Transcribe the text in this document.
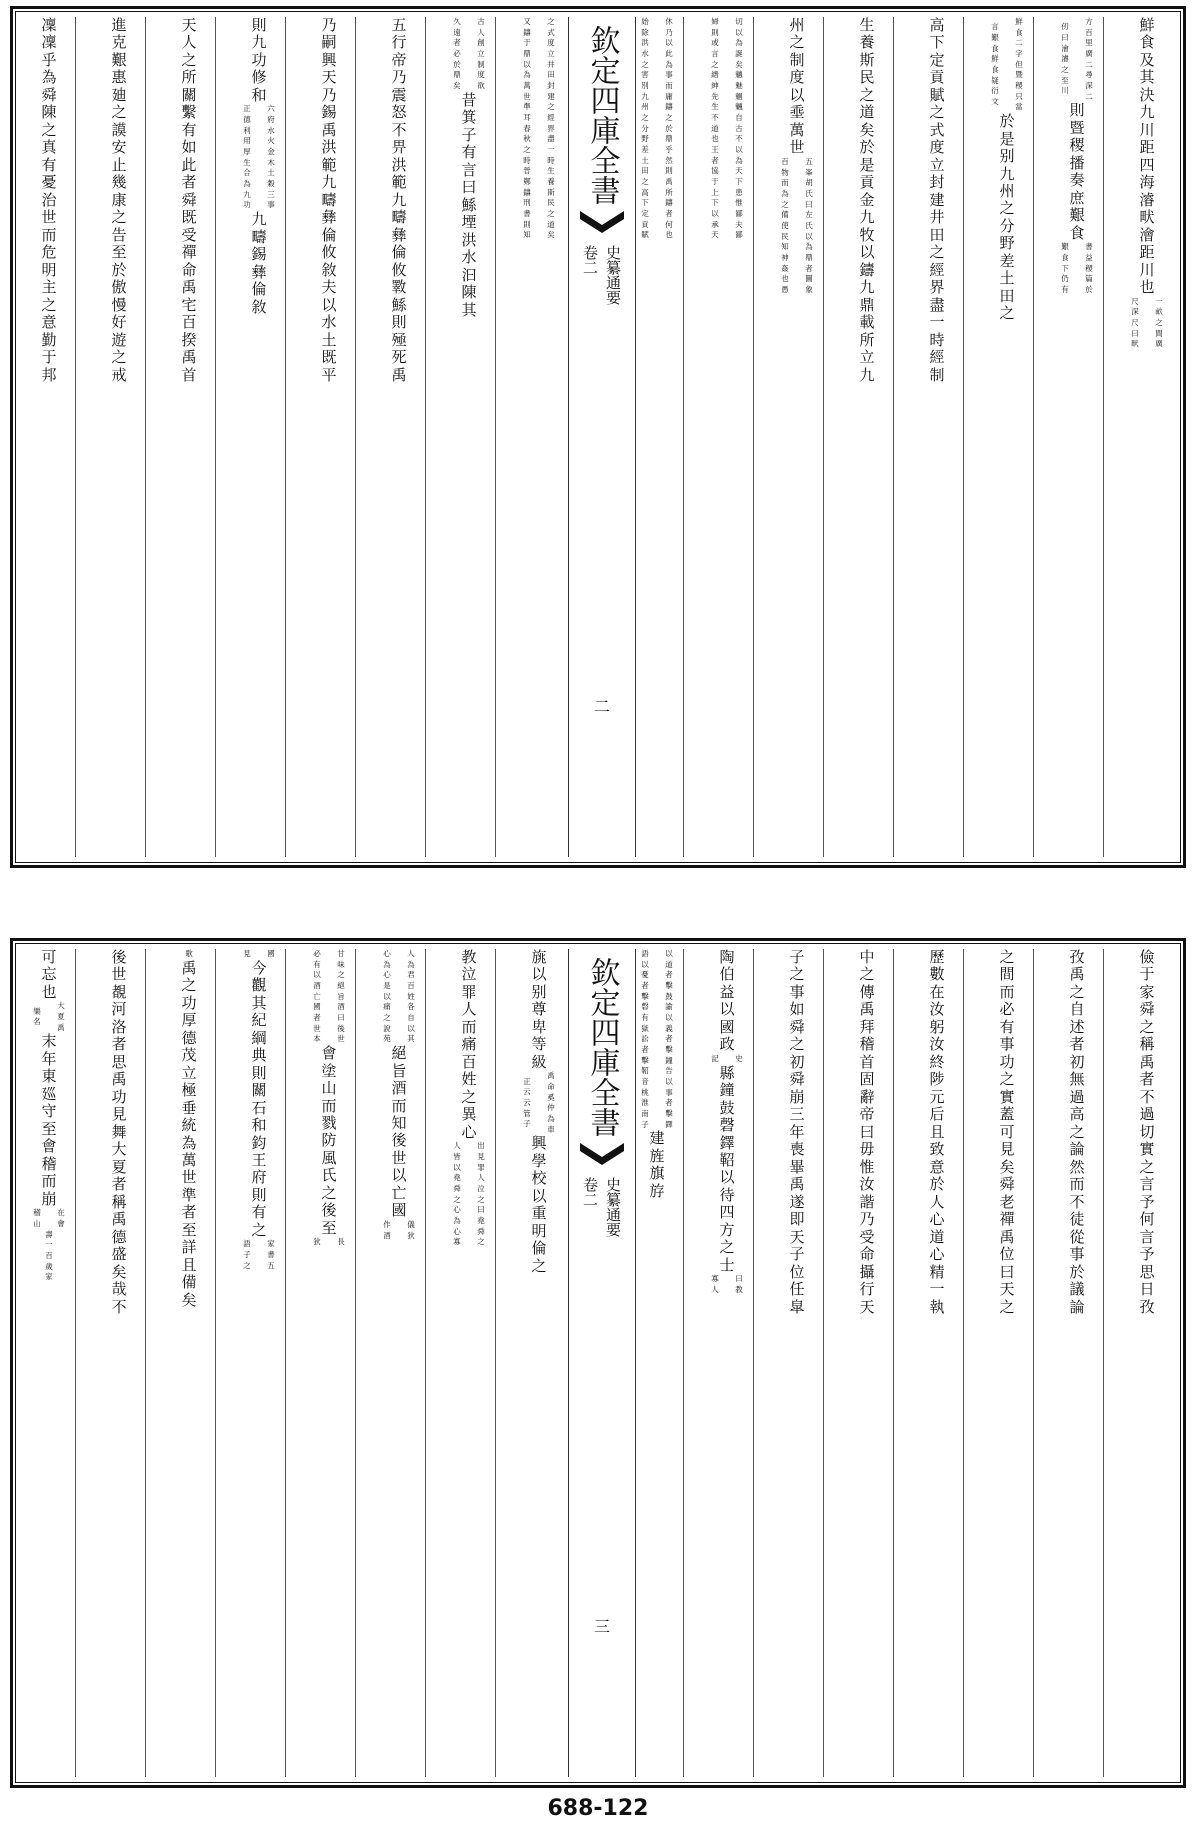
鮮
食
及
其
決
九
川
距
四
海
濬
畎
澮
距
川
也
一
畝
之
間
廣
尺
深
尺
曰
畎
方
百
里
廣
二
尋
深
二
仞
曰
澮
濬
之
至
川
則
暨
稷
播
奏
庶
艱
食
書
益
稷
篇
於
艱
食
下
仍
有
鮮
食
二
字
但
暨
稷
只
當
言
艱
食
鮮
食
疑
衍
文
於
是
别
九
州
之
分
野
差
土
田
之
高
下
定
貢
賦
之
式
度
立
封
建
井
田
之
經
界
盡
一
時
經
制
生
養
斯
民
之
道
矣
於
是
貢
金
九
牧
以
鑄
九
鼎
載
所
立
九
州
之
制
度
以
埀
萬
世
五
峯
胡
氏
曰
左
氏
以
為
鼎
者
圖
象
百
物
而
為
之
備
使
民
知
神
姦
也
愚
切
以
為
誕
矣
魑
魅
魍
魎
自
古
不
以
為
天
下
患
惟
鄙
夫
鄙
婦
則
或
言
之
縉
紳
先
生
不
道
也
王
者
協
于
上
下
以
承
天
休
乃
以
此
為
事
而
庸
鑄
之
於
鼎
乎
然
則
禹
所
鑄
者
何
也
始
除
洪
水
之
害
別
九
州
之
分
野
差
土
田
之
高
下
定
貢
賦
欽定四庫全書
史纂通要
卷二
二
之
式
度
立
井
田
封
建
之
經
界
盡
一
時
生
養
斯
民
之
道
矣
又
鑄
于
鼎
以
為
萬
世
準
耳
春
秋
之
時
晉
鄭
鑄
刑
書
則
知
古
人
創
立
制
度
欲
久
遠
者
必
於
鼎
矣
昔
箕
子
有
言
曰
鯀
堙
洪
水
汩
陳
其
五
行
帝
乃
震
怒
不
畀
洪
範
九
疇
彝
倫
攸
斁
鯀
則
殛
死
禹
乃
嗣
興
天
乃
錫
禹
洪
範
九
疇
彝
倫
攸
敘
夫
以
水
土
既
平
則
九
功
修
和
六
府
水
火
金
木
土
穀
三
事
正
德
利
用
厚
生
合
為
九
功
九
疇
錫
彝
倫
敘
天
人
之
所
關
繫
有
如
此
者
舜
既
受
禪
命
禹
宅
百
揆
禹
首
進
克
艱
惠
廸
之
謨
安
止
幾
康
之
告
至
於
傲
慢
好
遊
之
戒
凜
凜
乎
為
舜
陳
之
真
有
憂
治
世
而
危
明
主
之
意
勤
于
邦
儉
于
家
舜
之
稱
禹
者
不
過
切
實
之
言
予
何
言
予
思
日
孜
孜
禹
之
自
述
者
初
無
過
高
之
論
然
而
不
徒
從
事
於
議
論
之
間
而
必
有
事
功
之
實
蓋
可
見
矣
舜
老
禪
禹
位
曰
天
之
歷
數
在
汝
躬
汝
終
陟
元
后
且
致
意
於
人
心
道
心
精
一
執
中
之
傳
禹
拜
稽
首
固
辭
帝
曰
毋
惟
汝
諧
乃
受
命
攝
行
天
子
之
事
如
舜
之
初
舜
崩
三
年
喪
畢
禹
遂
即
天
子
位
任
皐
陶
伯
益
以
國
政
史
記
縣
鐘
鼓
磬
鐸
鞀
以
待
四
方
之
士
曰
教
寡
人
以
道
者
擊
鼓
諭
以
義
者
擊
鐘
告
以
事
者
擊
鐸
語
以
憂
者
擊
磬
有
獄
訟
者
擊
鞀
音
桃
淮
南
子
建
旌
旗
斿
欽定四庫全書
史纂通要
卷二
三
旐
以
别
尊
卑
等
級
禹
命
奚
仲
為
車
正
云
云
管
子
興
學
校
以
重
明
倫
之
教
泣
罪
人
而
痛
百
姓
之
異
心
出
見
罪
人
泣
之
曰
堯
舜
之
人
皆
以
堯
舜
之
心
為
心
寡
人
為
君
百
姓
各
自
以
其
心
為
心
是
以
痛
之
說
苑
絕
旨
酒
而
知
後
世
以
亡
國
儀
狄
作
酒
甘
味
之
絕
旨
酒
曰
後
世
必
有
以
酒
亡
國
者
世
本
會
塗
山
而
戮
防
風
氏
之
後
至
長
狄
國
見
今
觀
其
紀
綱
典
則
關
石
和
鈞
王
府
則
有
之
家
語
書
五
子
之
歌
禹
之
功
厚
德
茂
立
極
垂
統
為
萬
世
準
者
至
詳
且
備
矣
後
世
覩
河
洛
者
思
禹
功
見
舞
大
夏
者
稱
禹
德
盛
矣
哉
不
可
忘
也
大
夏
禹
樂
名
末
年
東
廵
守
至
會
稽
而
崩
在
會
稽
山
壽
一
百
歲
家
688-122
